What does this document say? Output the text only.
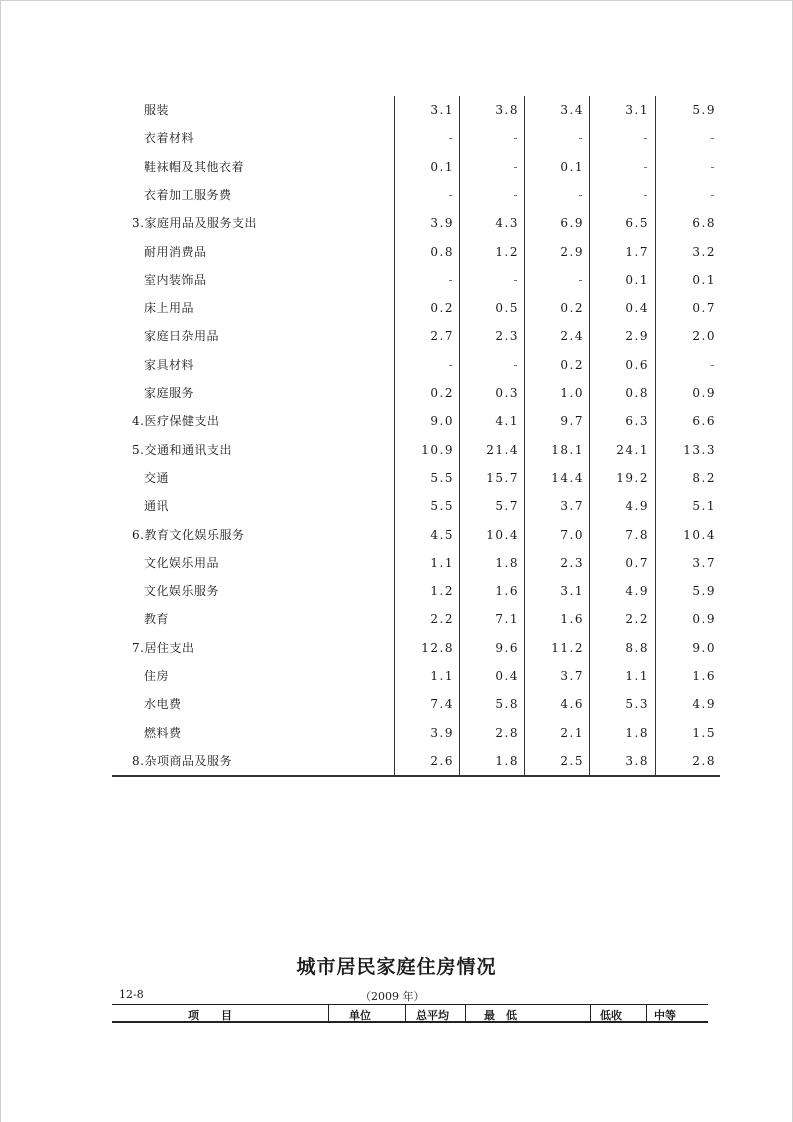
服装	3.1	3.8	3.4	3.1	5.9
衣着材料	-	-	-	-	-
鞋袜帽及其他衣着	0.1	-	0.1	-	-
衣着加工服务费	-	-	-	-	-
3.家庭用品及服务支出	3.9	4.3	6.9	6.5	6.8
耐用消费品	0.8	1.2	2.9	1.7	3.2
室内装饰品	-	-	-	0.1	0.1
床上用品	0.2	0.5	0.2	0.4	0.7
家庭日杂用品	2.7	2.3	2.4	2.9	2.0
家具材料	-	-	0.2	0.6	-
家庭服务	0.2	0.3	1.0	0.8	0.9
4.医疗保健支出	9.0	4.1	9.7	6.3	6.6
5.交通和通讯支出	10.9	21.4	18.1	24.1	13.3
交通	5.5	15.7	14.4	19.2	8.2
通讯	5.5	5.7	3.7	4.9	5.1
6.教育文化娱乐服务	4.5	10.4	7.0	7.8	10.4
文化娱乐用品	1.1	1.8	2.3	0.7	3.7
文化娱乐服务	1.2	1.6	3.1	4.9	5.9
教育	2.2	7.1	1.6	2.2	0.9
7.居住支出	12.8	9.6	11.2	8.8	9.0
住房	1.1	0.4	3.7	1.1	1.6
水电费	7.4	5.8	4.6	5.3	4.9
燃料费	3.9	2.8	2.1	1.8	1.5
8.杂项商品及服务	2.6	1.8	2.5	3.8	2.8
城市居民家庭住房情况
12-8	（2009 年）
项　　目	单位	总平均	最　低	低收	中等
